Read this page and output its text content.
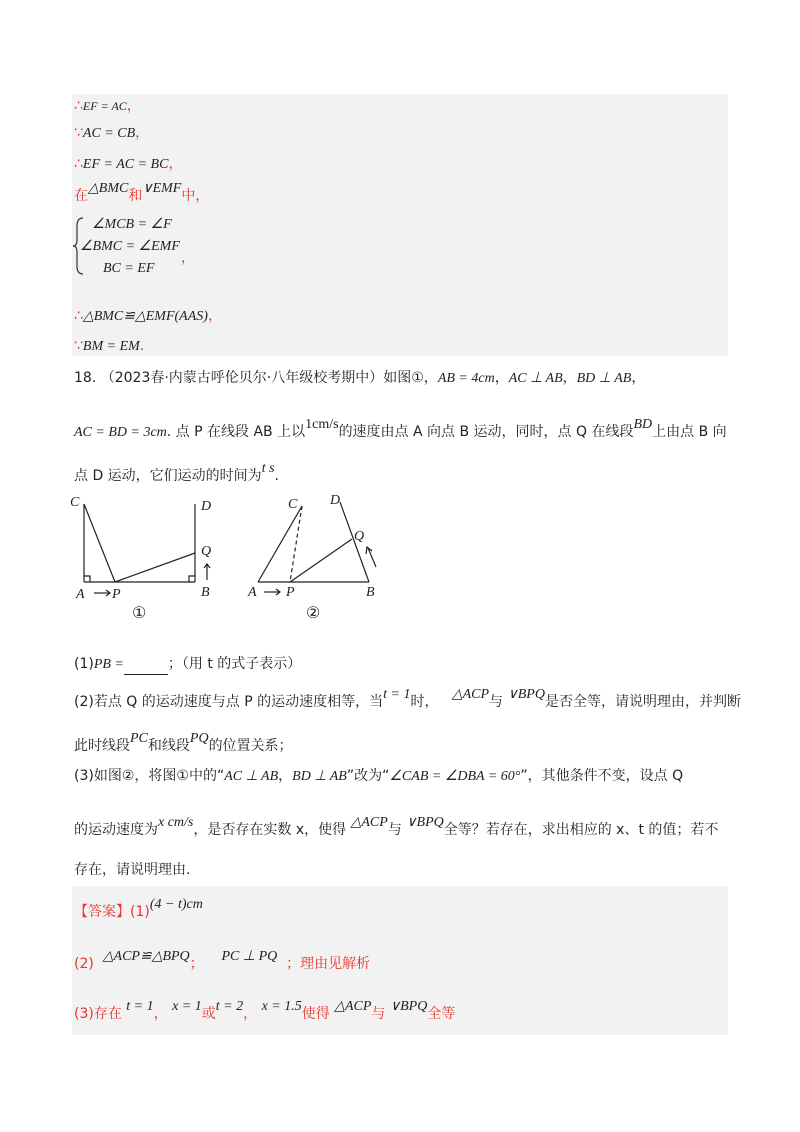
∴EF = AC，
∵AC = CB，
∴EF = AC = BC，
在△BMC和∨EMF中，
∠MCB = ∠F
∠BMC = ∠EMF
BC = EF
，
∴△BMC≌△EMF(AAS)，
∵BM = EM.
18. （2023春·内蒙古呼伦贝尔·八年级校考期中）如图①，AB = 4cm，AC ⊥ AB，BD ⊥ AB，
AC = BD = 3cm. 点 P 在线段 AB 上以1cm/s的速度由点 A 向点 B 运动，同时，点 Q 在线段BD上由点 B 向
点 D 运动，它们运动的时间为t s.
C	D
Q
A P	B
①
C D
Q
A P	B
②
(1)PB =	；（用 t 的式子表示）
(2)若点 Q 的运动速度与点 P 的运动速度相等，当t = 1时， △ACP与 ∨BPQ是否全等，请说明理由，并判断
此时线段PC和线段PQ的位置关系；
(3)如图②，将图①中的“AC ⊥ AB，BD ⊥ AB”改为“∠CAB = ∠DBA = 60°”，其他条件不变，设点 Q
的运动速度为x cm/s，是否存在实数 x，使得 △ACP与 ∨BPQ全等？若存在，求出相应的 x、t 的值；若不
存在，请说明理由.
【答案】(1)(4 − t)cm
(2) △ACP≌△BPQ； PC ⊥ PQ ；理由见解析
(3)存在 t = 1， x = 1或t = 2， x = 1.5使得 △ACP与 ∨BPQ全等
